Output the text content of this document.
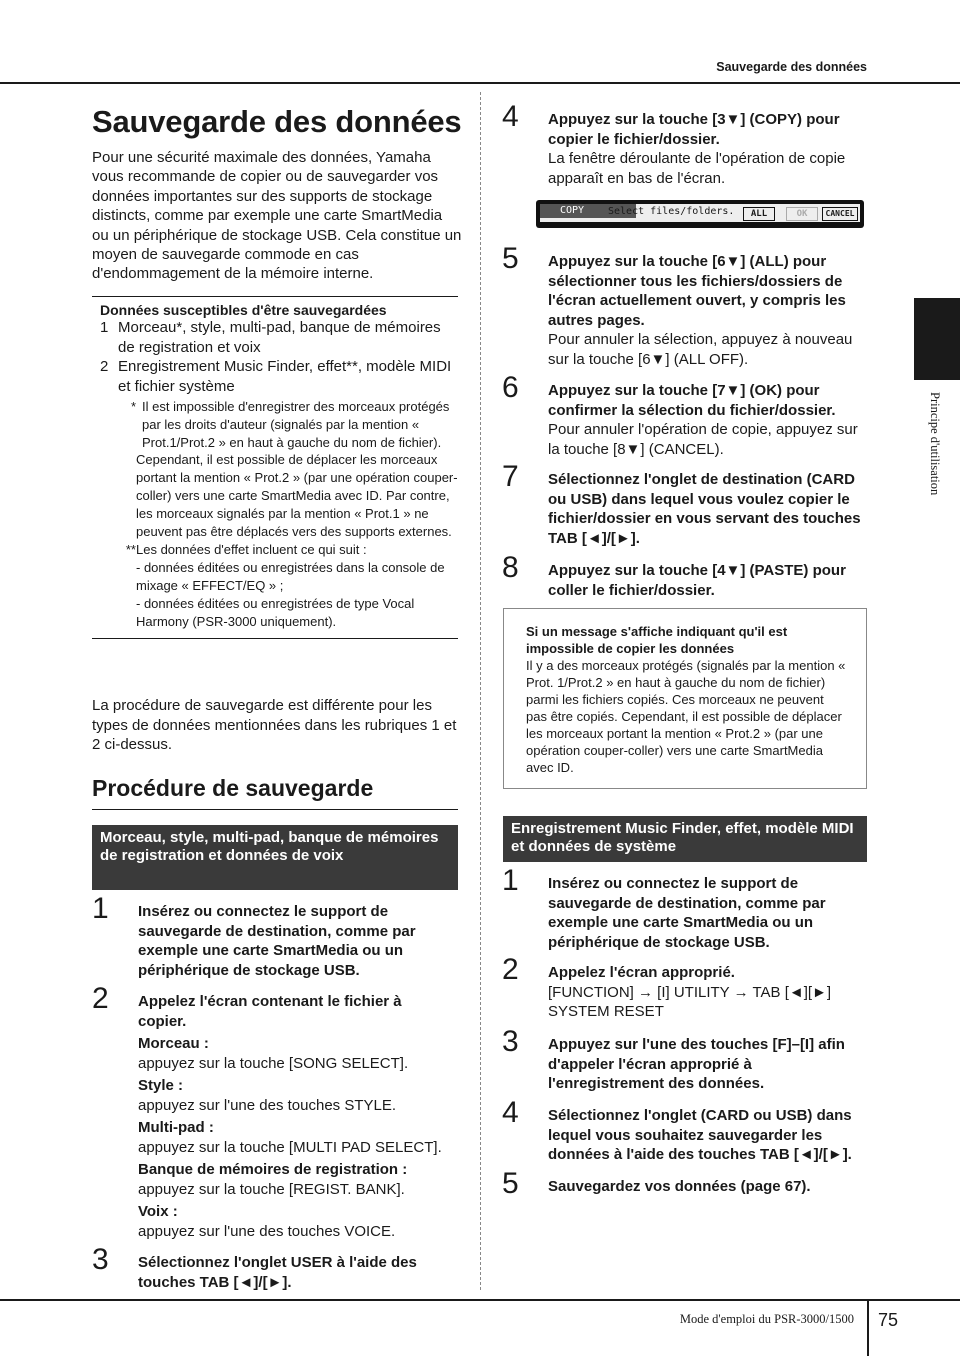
Sauvegarde des données
Principe d'utilisation
Sauvegarde des données
Pour une sécurité maximale des données, Yamaha vous recommande de copier ou de sauvegarder vos données importantes sur des supports de stockage distincts, comme par exemple une carte SmartMedia ou un périphérique de stockage USB. Cela constitue un moyen de sauvegarde commode en cas d'endommagement de la mémoire interne.
Données susceptibles d'être sauvegardées
1 Morceau*, style, multi-pad, banque de mémoires de registration et voix
2 Enregistrement Music Finder, effet**, modèle MIDI et fichier système
* Il est impossible d'enregistrer des morceaux protégés par les droits d'auteur (signalés par la mention « Prot.1/Prot.2 » en haut à gauche du nom de fichier).
Cependant, il est possible de déplacer les morceaux portant la mention « Prot.2 » (par une opération couper-coller) vers une carte SmartMedia avec ID. Par contre, les morceaux signalés par la mention « Prot.1 » ne peuvent pas être déplacés vers des supports externes.
** Les données d'effet incluent ce qui suit :
- données éditées ou enregistrées dans la console de mixage « EFFECT/EQ » ;
- données éditées ou enregistrées de type Vocal Harmony (PSR-3000 uniquement).
La procédure de sauvegarde est différente pour les types de données mentionnées dans les rubriques 1 et 2 ci-dessus.
Procédure de sauvegarde
Morceau, style, multi-pad, banque de mémoires de registration et données de voix
1	Insérez ou connectez le support de sauvegarde de destination, comme par exemple une carte SmartMedia ou un périphérique de stockage USB.
2	Appelez l'écran contenant le fichier à copier.
Morceau :
appuyez sur la touche [SONG SELECT].
Style :
appuyez sur l'une des touches STYLE.
Multi-pad :
appuyez sur la touche [MULTI PAD SELECT].
Banque de mémoires de registration :
appuyez sur la touche [REGIST. BANK].
Voix :
appuyez sur l'une des touches VOICE.
3	Sélectionnez l'onglet USER à l'aide des touches TAB [◄]/[►].
4	Appuyez sur la touche [3▼] (COPY) pour copier le fichier/dossier.
La fenêtre déroulante de l'opération de copie apparaît en bas de l'écran.
COPY	Select files/folders.	ALL	OK	CANCEL
5	Appuyez sur la touche [6▼] (ALL) pour sélectionner tous les fichiers/dossiers de l'écran actuellement ouvert, y compris les autres pages.
Pour annuler la sélection, appuyez à nouveau sur la touche [6▼] (ALL OFF).
6	Appuyez sur la touche [7▼] (OK) pour confirmer la sélection du fichier/dossier.
Pour annuler l'opération de copie, appuyez sur la touche [8▼] (CANCEL).
7	Sélectionnez l'onglet de destination (CARD ou USB) dans lequel vous voulez copier le fichier/dossier en vous servant des touches TAB [◄]/[►].
8	Appuyez sur la touche [4▼] (PASTE) pour coller le fichier/dossier.
Si un message s'affiche indiquant qu'il est impossible de copier les données
Il y a des morceaux protégés (signalés par la mention « Prot. 1/Prot.2 » en haut à gauche du nom de fichier) parmi les fichiers copiés. Ces morceaux ne peuvent pas être copiés. Cependant, il est possible de déplacer les morceaux portant la mention « Prot.2 » (par une opération couper-coller) vers une carte SmartMedia avec ID.
Enregistrement Music Finder, effet, modèle MIDI et données de système
1	Insérez ou connectez le support de sauvegarde de destination, comme par exemple une carte SmartMedia ou un périphérique de stockage USB.
2	Appelez l'écran approprié.
[FUNCTION] → [I] UTILITY → TAB [◄][►] SYSTEM RESET
3	Appuyez sur l'une des touches [F]–[I] afin d'appeler l'écran approprié à l'enregistrement des données.
4	Sélectionnez l'onglet (CARD ou USB) dans lequel vous souhaitez sauvegarder les données à l'aide des touches TAB [◄]/[►].
5	Sauvegardez vos données (page 67).
Mode d'emploi du PSR-3000/1500 75
